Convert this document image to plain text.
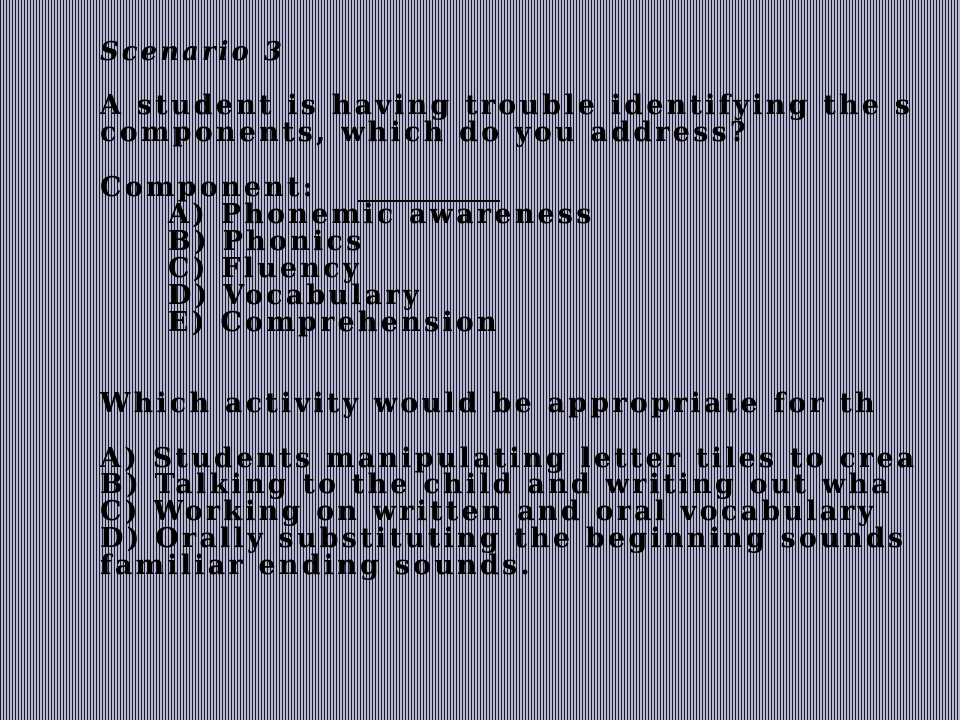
Scenario 3
A student is having trouble identifying the s
components, which do you address?
Component:
A) Phonemic awareness
B) Phonics
C) Fluency
D) Vocabulary
E) Comprehension
Which activity would be appropriate for th
A) Students manipulating letter tiles to crea
B) Talking to the child and writing out wha
C) Working on written and oral vocabulary
D) Orally substituting the beginning sounds
familiar ending sounds.
